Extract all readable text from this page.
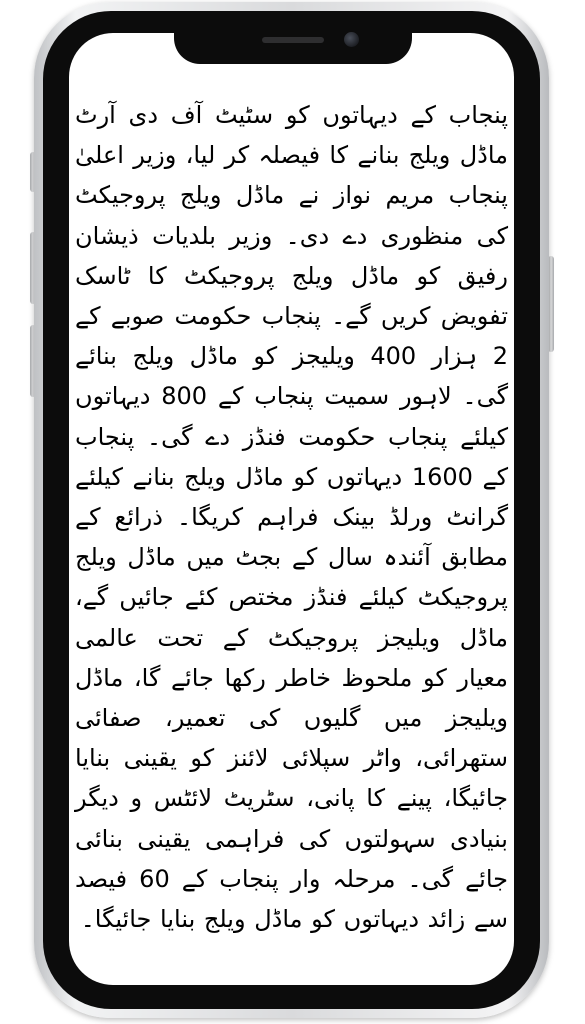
پنجاب کے دیہاتوں کو سٹیٹ آف دی آرٹ ماڈل ویلج بنانے کا فیصلہ کر لیا، وزیر اعلیٰ پنجاب مریم نواز نے ماڈل ویلج پروجیکٹ کی منظوری دے دی۔ وزیر بلدیات ذیشان رفیق کو ماڈل ویلج پروجیکٹ کا ٹاسک تفویض کریں گے۔ پنجاب حکومت صوبے کے 2 ہزار 400 ویلیجز کو ماڈل ویلج بنائے گی۔ لاہور سمیت پنجاب کے 800 دیہاتوں کیلئے پنجاب حکومت فنڈز دے گی۔ پنجاب کے 1600 دیہاتوں کو ماڈل ویلج بنانے کیلئے گرانٹ ورلڈ بینک فراہم کریگا۔ ذرائع کے مطابق آئندہ سال کے بجٹ میں ماڈل ویلج پروجیکٹ کیلئے فنڈز مختص کئے جائیں گے، ماڈل ویلیجز پروجیکٹ کے تحت عالمی معیار کو ملحوظ خاطر رکھا جائے گا، ماڈل ویلیجز میں گلیوں کی تعمیر، صفائی ستھرائی، واٹر سپلائی لائنز کو یقینی بنایا جائیگا، پینے کا پانی، سٹریٹ لائٹس و دیگر بنیادی سہولتوں کی فراہمی یقینی بنائی جائے گی۔ مرحلہ وار پنجاب کے 60 فیصد سے زائد دیہاتوں کو ماڈل ویلج بنایا جائیگا۔
